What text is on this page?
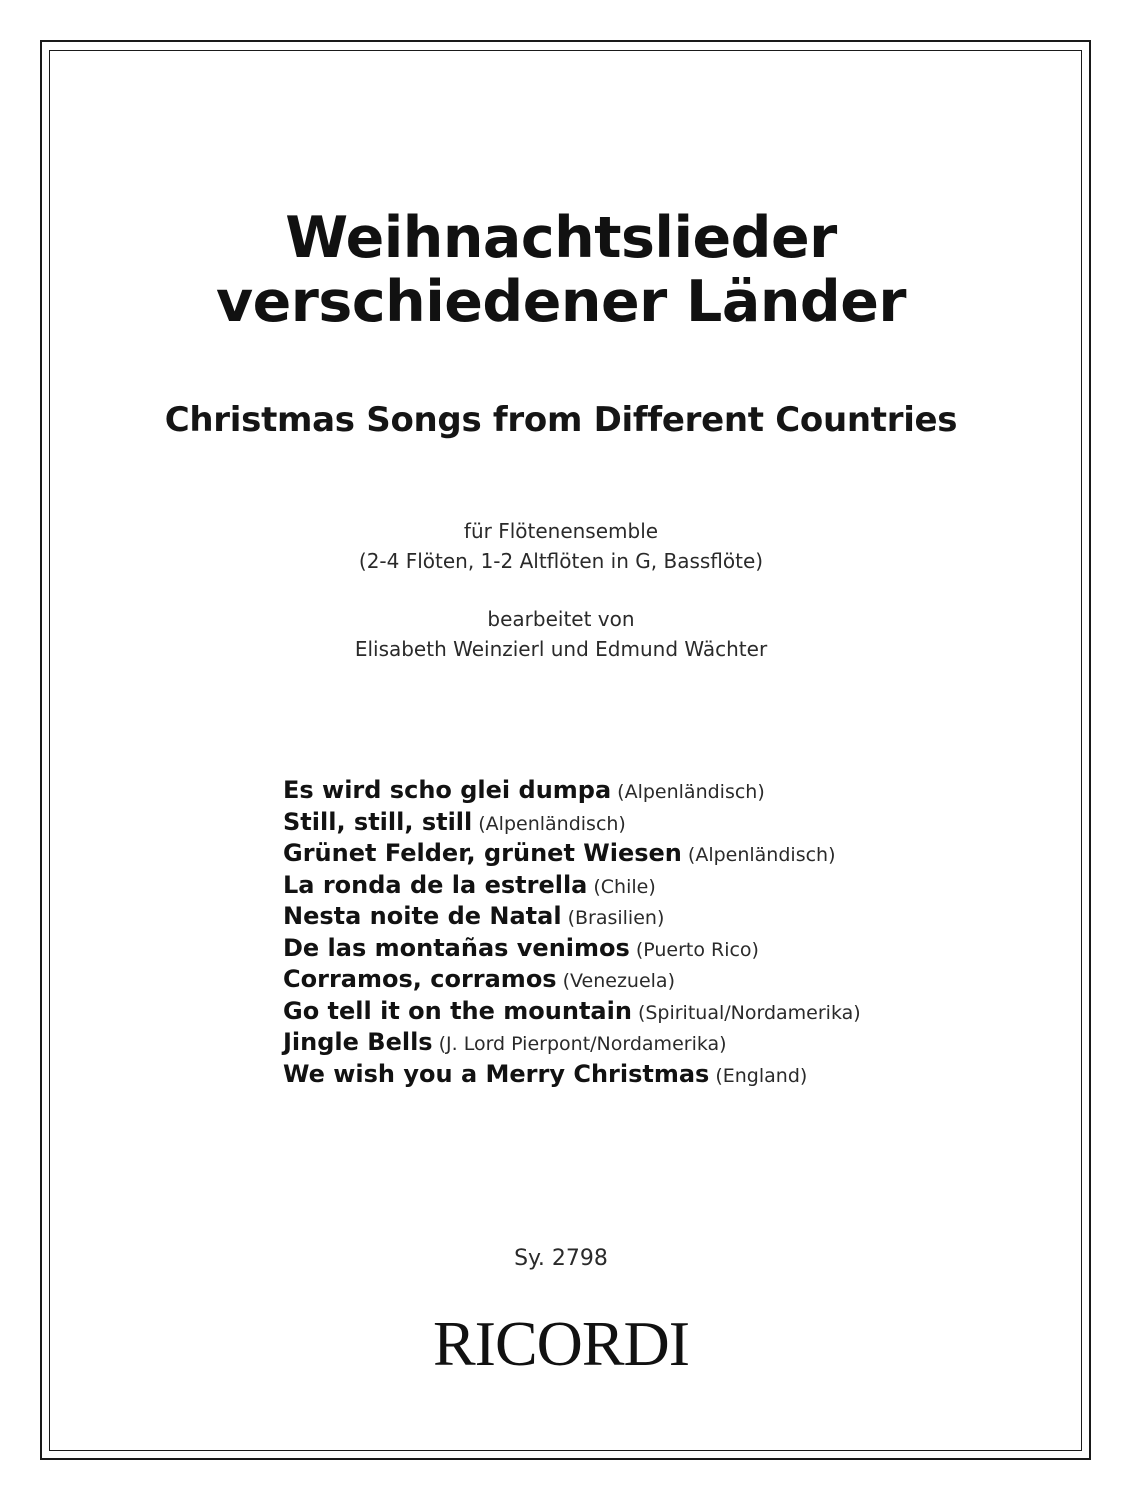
Weihnachtslieder
verschiedener Länder
Christmas Songs from Different Countries
für Flötenensemble
(2-4 Flöten, 1-2 Altflöten in G, Bassflöte)
bearbeitet von
Elisabeth Weinzierl und Edmund Wächter
Es wird scho glei dumpa (Alpenländisch)
Still, still, still (Alpenländisch)
Grünet Felder, grünet Wiesen (Alpenländisch)
La ronda de la estrella (Chile)
Nesta noite de Natal (Brasilien)
De las montañas venimos (Puerto Rico)
Corramos, corramos (Venezuela)
Go tell it on the mountain (Spiritual/Nordamerika)
Jingle Bells (J. Lord Pierpont/Nordamerika)
We wish you a Merry Christmas (England)
Sy. 2798
RICORDI
